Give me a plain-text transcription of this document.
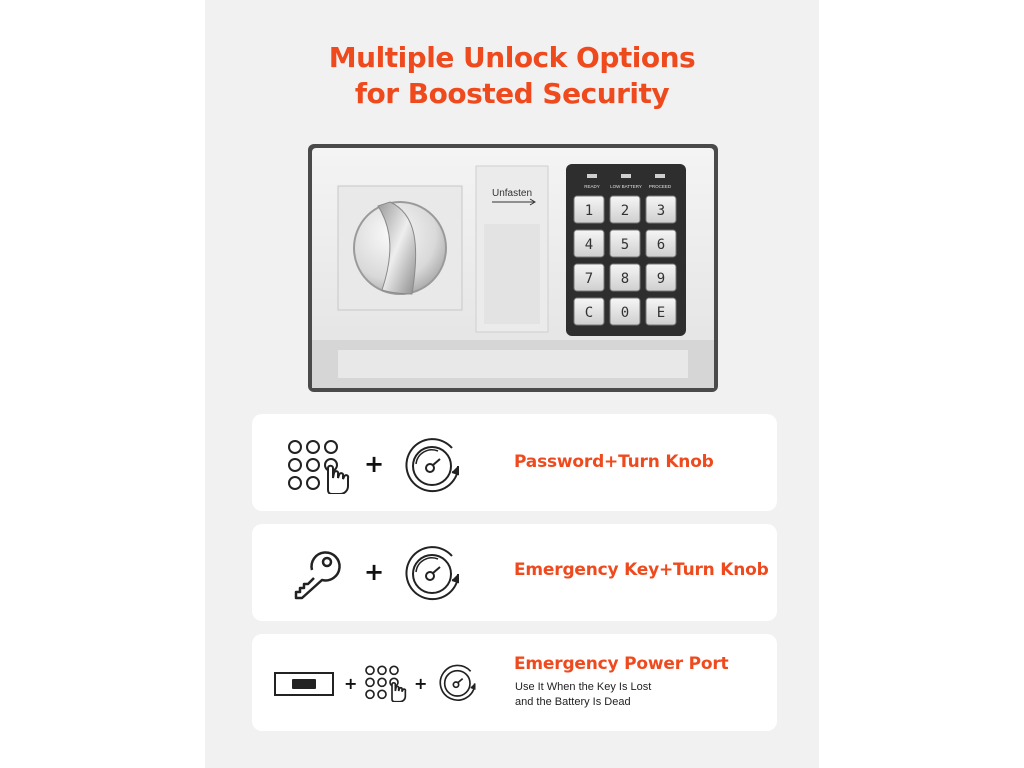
Multiple Unlock Options
for Boosted Security
Unfasten
READY LOW BATTERY PROCEED
1 2 3
4 5 6
7 8 9
C 0 E
+	Password+Turn Knob
+	Emergency Key+Turn Knob
+	+
Emergency Power Port
Use It When the Key Is Lost
and the Battery Is Dead
